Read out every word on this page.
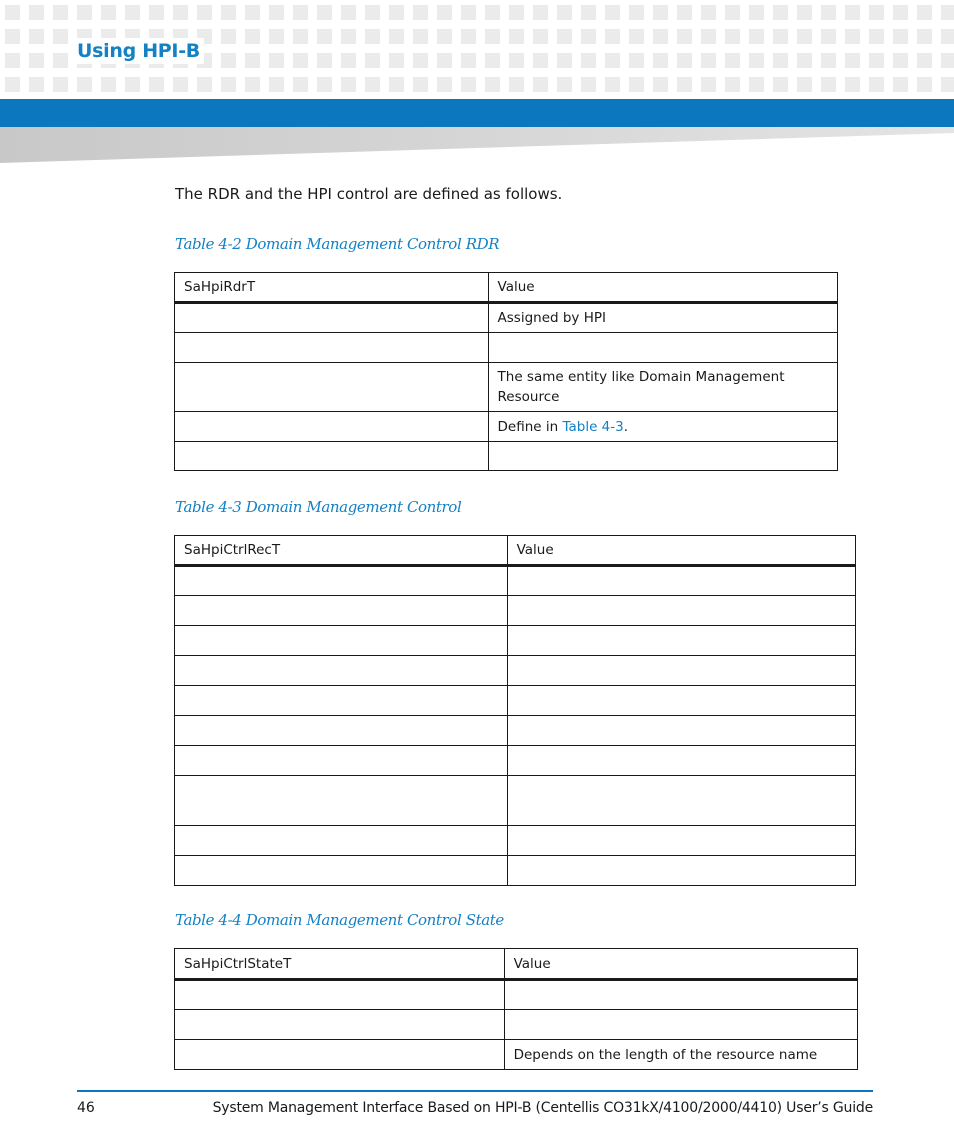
Using HPI-B
The RDR and the HPI control are defined as follows.
Table 4-2 Domain Management Control RDR
SaHpiRdrT	Value
	Assigned by HPI

	The same entity like Domain Management Resource
	Define in Table 4-3.

Table 4-3 Domain Management Control
SaHpiCtrlRecT	Value

Table 4-4 Domain Management Control State
SaHpiCtrlStateT	Value

	Depends on the length of the resource name
46	System Management Interface Based on HPI-B (Centellis CO31kX/4100/2000/4410) User’s Guide
